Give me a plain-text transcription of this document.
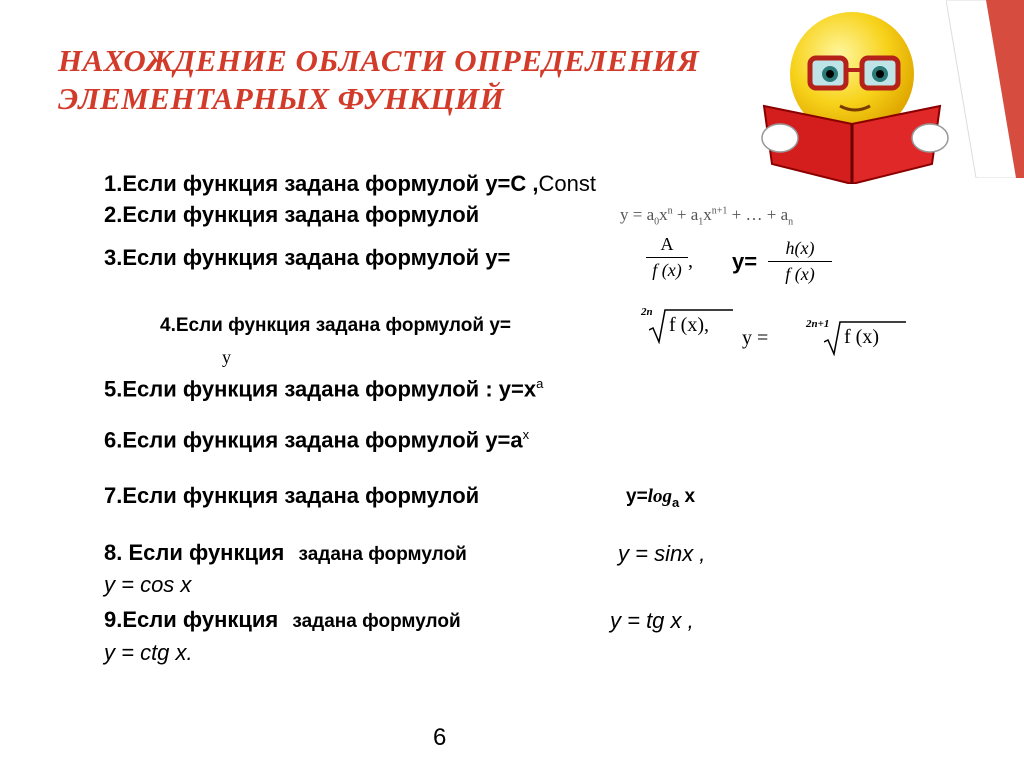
НАХОЖДЕНИЕ ОБЛАСТИ ОПРЕДЕЛЕНИЯ
ЭЛЕМЕНТАРНЫХ ФУНКЦИЙ
1.Если функция задана формулой у=С ,Const
2.Если функция задана формулой	$y = a_0x^n + a_1x^{n+1}$ + … + $a_n$
3.Если функция задана формулой у=
A
f (x) , у=
h(x)
f (x)
4.Если функция задана формулой у=
2n
f (x),
y =
2n+1
f (x)
y
5.Если функция задана формулой : $у=х^a$
6.Если функция задана формулой $у=а^x$
7.Если функция задана формулой	$у=\log_a$ x
8. Если функция задана формулой	y = sinx ,
y = cos x
9.Если функция задана формулой	y = tg x ,
y = ctg x.
6
